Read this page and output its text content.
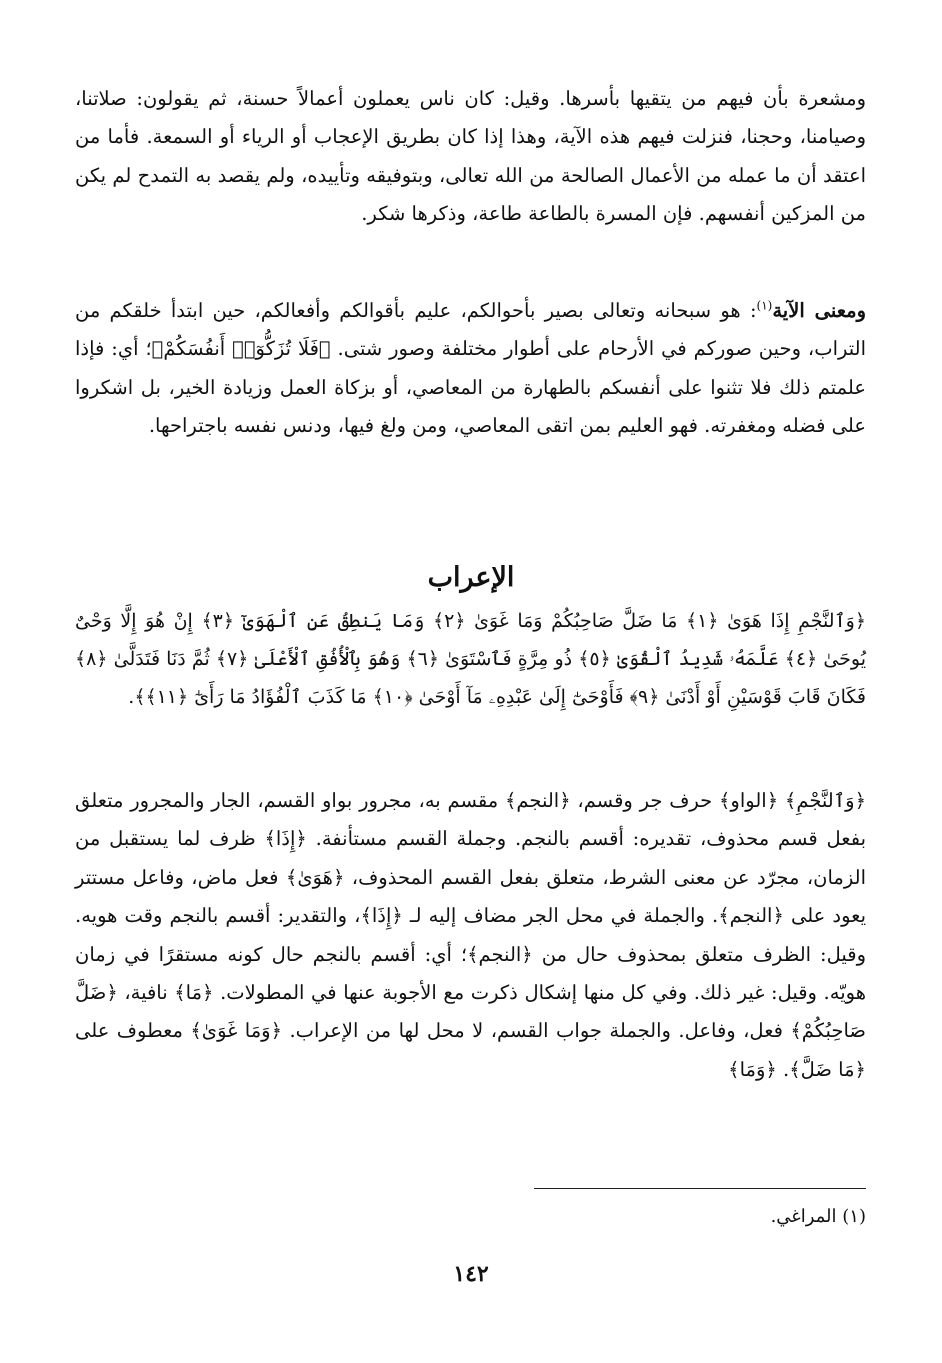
ومشعرة بأن فيهم من يتقيها بأسرها. وقيل: كان ناس يعملون أعمالاً حسنة، ثم يقولون: صلاتنا، وصيامنا، وحجنا، فنزلت فيهم هذه الآية، وهذا إذا كان بطريق الإعجاب أو الرياء أو السمعة. فأما من اعتقد أن ما عمله من الأعمال الصالحة من الله تعالى، وبتوفيقه وتأييده، ولم يقصد به التمدح لم يكن من المزكين أنفسهم. فإن المسرة بالطاعة طاعة، وذكرها شكر.
ومعنى الآية$^{(١)}$: هو سبحانه وتعالى بصير بأحوالكم، عليم بأقوالكم وأفعالكم، حين ابتدأ خلقكم من التراب، وحين صوركم في الأرحام على أطوار مختلفة وصور شتى. ﴿فَلَا تُزَكُّوٓا۟ أَنفُسَكُمْ﴾؛ أي: فإذا علمتم ذلك فلا تثنوا على أنفسكم بالطهارة من المعاصي، أو بزكاة العمل وزيادة الخير، بل اشكروا على فضله ومغفرته. فهو العليم بمن اتقى المعاصي، ومن ولغ فيها، ودنس نفسه باجتراحها.
الإعراب
﴿وَٱلنَّجْمِ إِذَا هَوَىٰ ﴿١﴾ مَا ضَلَّ صَاحِبُكُمْ وَمَا غَوَىٰ ﴿٢﴾ وَمَا يَنطِقُ عَنِ ٱلْهَوَىٰٓ ﴿٣﴾ إِنْ هُوَ إِلَّا وَحْىٌ يُوحَىٰ ﴿٤﴾ عَلَّمَهُۥ شَدِيدُ ٱلْقُوَىٰ ﴿٥﴾ ذُو مِرَّةٍ فَٱسْتَوَىٰ ﴿٦﴾ وَهُوَ بِٱلْأُفُقِ ٱلْأَعْلَىٰ ﴿٧﴾ ثُمَّ دَنَا فَتَدَلَّىٰ ﴿٨﴾ فَكَانَ قَابَ قَوْسَيْنِ أَوْ أَدْنَىٰ ﴿٩﴾ فَأَوْحَىٰٓ إِلَىٰ عَبْدِهِۦ مَآ أَوْحَىٰ ﴿١٠﴾ مَا كَذَبَ ٱلْفُؤَادُ مَا رَأَىٰٓ ﴿١١﴾﴾.
﴿وَٱلنَّجْمِ﴾ ﴿الواو﴾ حرف جر وقسم، ﴿النجم﴾ مقسم به، مجرور بواو القسم، الجار والمجرور متعلق بفعل قسم محذوف، تقديره: أقسم بالنجم. وجملة القسم مستأنفة. ﴿إِذَا﴾ ظرف لما يستقبل من الزمان، مجرّد عن معنى الشرط، متعلق بفعل القسم المحذوف، ﴿هَوَىٰ﴾ فعل ماض، وفاعل مستتر يعود على ﴿النجم﴾. والجملة في محل الجر مضاف إليه لـ ﴿إِذَا﴾، والتقدير: أقسم بالنجم وقت هويه. وقيل: الظرف متعلق بمحذوف حال من ﴿النجم﴾؛ أي: أقسم بالنجم حال كونه مستقرًا في زمان هويّه. وقيل: غير ذلك. وفي كل منها إشكال ذكرت مع الأجوبة عنها في المطولات. ﴿مَا﴾ نافية، ﴿ضَلَّ صَاحِبُكُمْ﴾ فعل، وفاعل. والجملة جواب القسم، لا محل لها من الإعراب. ﴿وَمَا غَوَىٰ﴾ معطوف على ﴿مَا ضَلَّ﴾. ﴿وَمَا﴾
(١) المراغي.
١٤٢
